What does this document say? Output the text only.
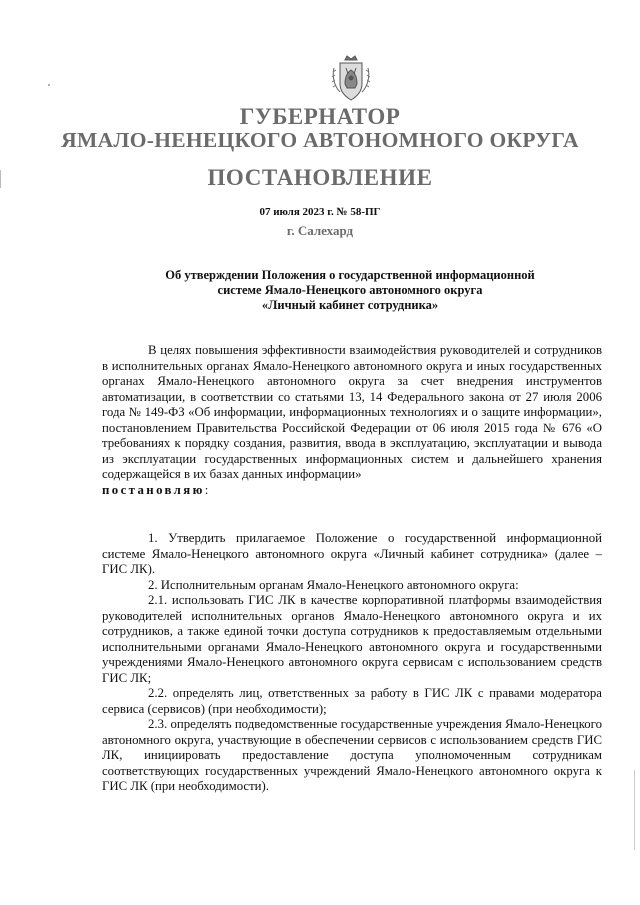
ГУБЕРНАТОР
ЯМАЛО-НЕНЕЦКОГО АВТОНОМНОГО ОКРУГА
ПОСТАНОВЛЕНИЕ
07 июля 2023 г. № 58-ПГ
г. Салехард
Об утверждении Положения о государственной информационной
системе Ямало-Ненецкого автономного округа
«Личный кабинет сотрудника»

В целях повышения эффективности взаимодействия руководителей и сотрудников в исполнительных органах Ямало-Ненецкого автономного округа и иных государственных органах Ямало-Ненецкого автономного округа за счет внедрения инструментов автоматизации, в соответствии со статьями 13, 14 Федерального закона от 27 июля 2006 года № 149-ФЗ «Об информации, информационных технологиях и о защите информации», постановлением Правительства Российской Федерации от 06 июля 2015 года № 676 «О требованиях к порядку создания, развития, ввода в эксплуатацию, эксплуатации и вывода из эксплуатации государственных информационных систем и дальнейшего хранения содержащейся в их базах данных информации»
постановляю:

1. Утвердить прилагаемое Положение о государственной информационной системе Ямало-Ненецкого автономного округа «Личный кабинет сотрудника» (далее – ГИС ЛК).

2. Исполнительным органам Ямало-Ненецкого автономного округа:

2.1. использовать ГИС ЛК в качестве корпоративной платформы взаимодействия руководителей исполнительных органов Ямало-Ненецкого автономного округа и их сотрудников, а также единой точки доступа сотрудников к предоставляемым отдельными исполнительными органами Ямало-Ненецкого автономного округа и государственными учреждениями Ямало-Ненецкого автономного округа сервисам с использованием средств ГИС ЛК;

2.2. определять лиц, ответственных за работу в ГИС ЛК с правами модератора сервиса (сервисов) (при необходимости);

2.3. определять подведомственные государственные учреждения Ямало-Ненецкого автономного округа, участвующие в обеспечении сервисов с использованием средств ГИС ЛК, инициировать предоставление доступа уполномоченным сотрудникам соответствующих государственных учреждений Ямало-Ненецкого автономного округа к ГИС ЛК (при необходимости).
